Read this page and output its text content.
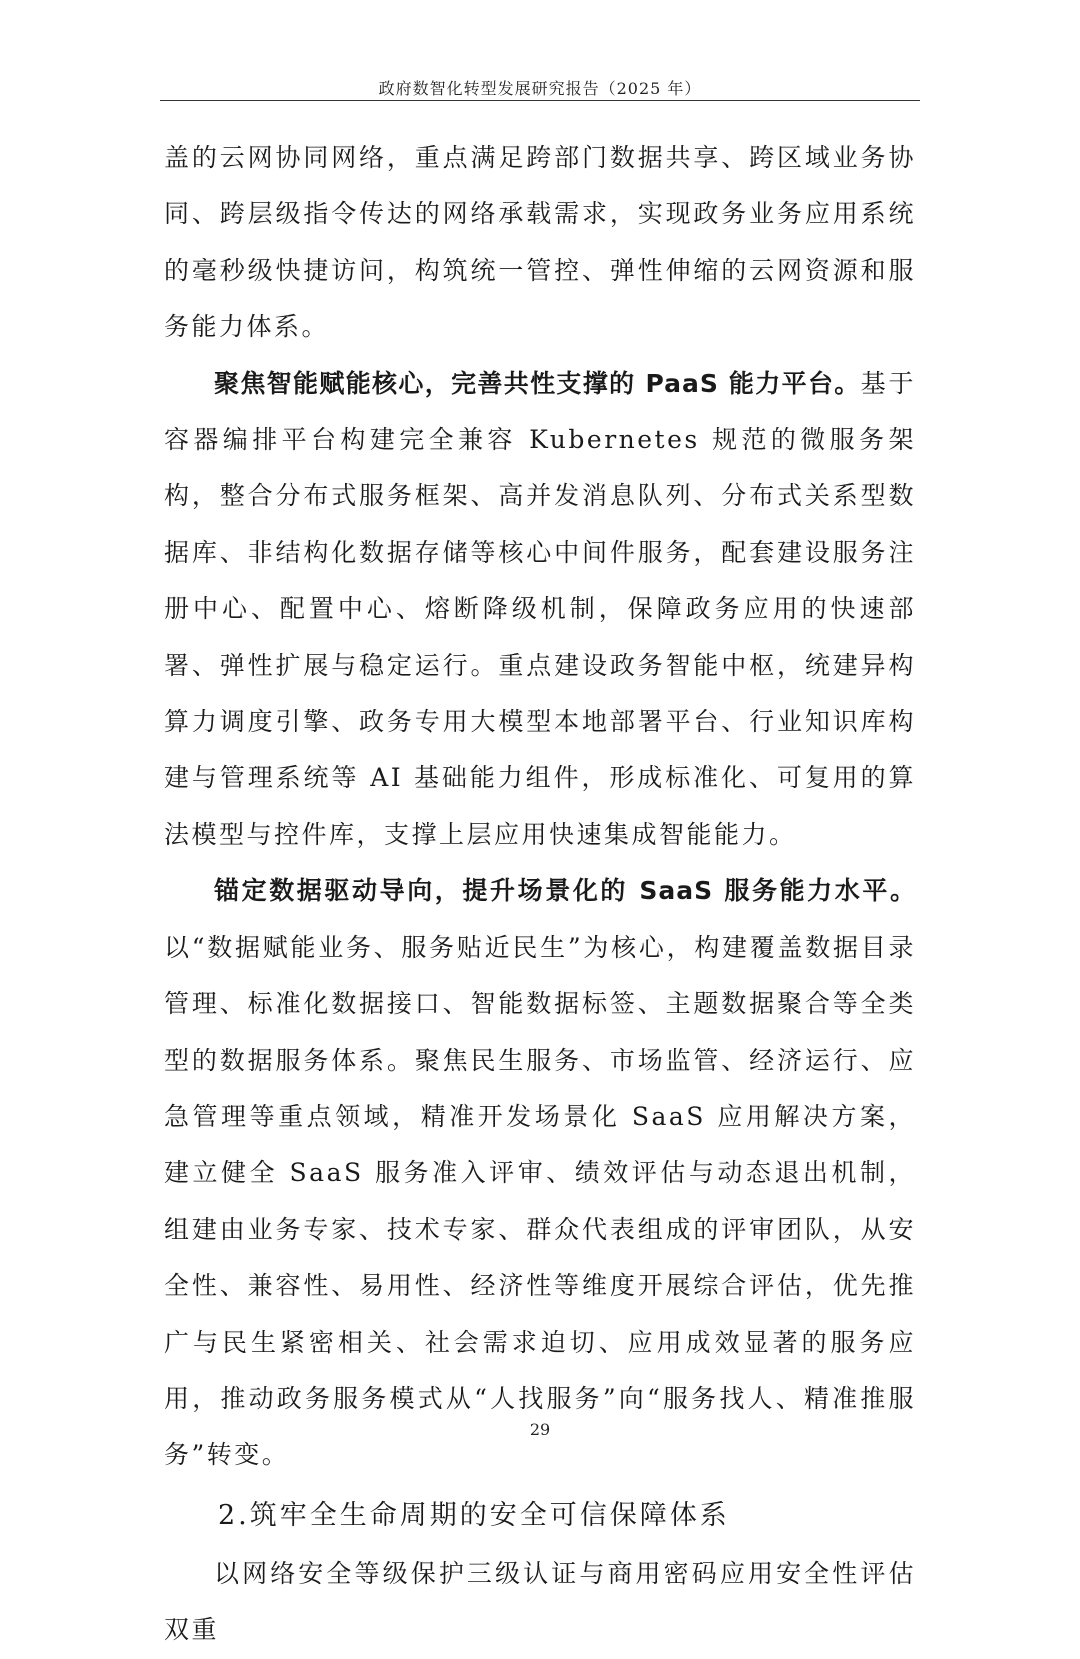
政府数智化转型发展研究报告（2025 年）

盖的云网协同网络，重点满足跨部门数据共享、跨区域业务协同、跨层级指令传达的网络承载需求，实现政务业务应用系统的毫秒级快捷访问，构筑统一管控、弹性伸缩的云网资源和服务能力体系。

聚焦智能赋能核心，完善共性支撑的 PaaS 能力平台。基于容器编排平台构建完全兼容 Kubernetes 规范的微服务架构，整合分布式服务框架、高并发消息队列、分布式关系型数据库、非结构化数据存储等核心中间件服务，配套建设服务注册中心、配置中心、熔断降级机制，保障政务应用的快速部署、弹性扩展与稳定运行。重点建设政务智能中枢，统建异构算力调度引擎、政务专用大模型本地部署平台、行业知识库构建与管理系统等 AI 基础能力组件，形成标准化、可复用的算法模型与控件库，支撑上层应用快速集成智能能力。

锚定数据驱动导向，提升场景化的 SaaS 服务能力水平。以“数据赋能业务、服务贴近民生”为核心，构建覆盖数据目录管理、标准化数据接口、智能数据标签、主题数据聚合等全类型的数据服务体系。聚焦民生服务、市场监管、经济运行、应急管理等重点领域，精准开发场景化 SaaS 应用解决方案，建立健全 SaaS 服务准入评审、绩效评估与动态退出机制，组建由业务专家、技术专家、群众代表组成的评审团队，从安全性、兼容性、易用性、经济性等维度开展综合评估，优先推广与民生紧密相关、社会需求迫切、应用成效显著的服务应用，推动政务服务模式从“人找服务”向“服务找人、精准推服务”转变。

2.筑牢全生命周期的安全可信保障体系

以网络安全等级保护三级认证与商用密码应用安全性评估双重

29
